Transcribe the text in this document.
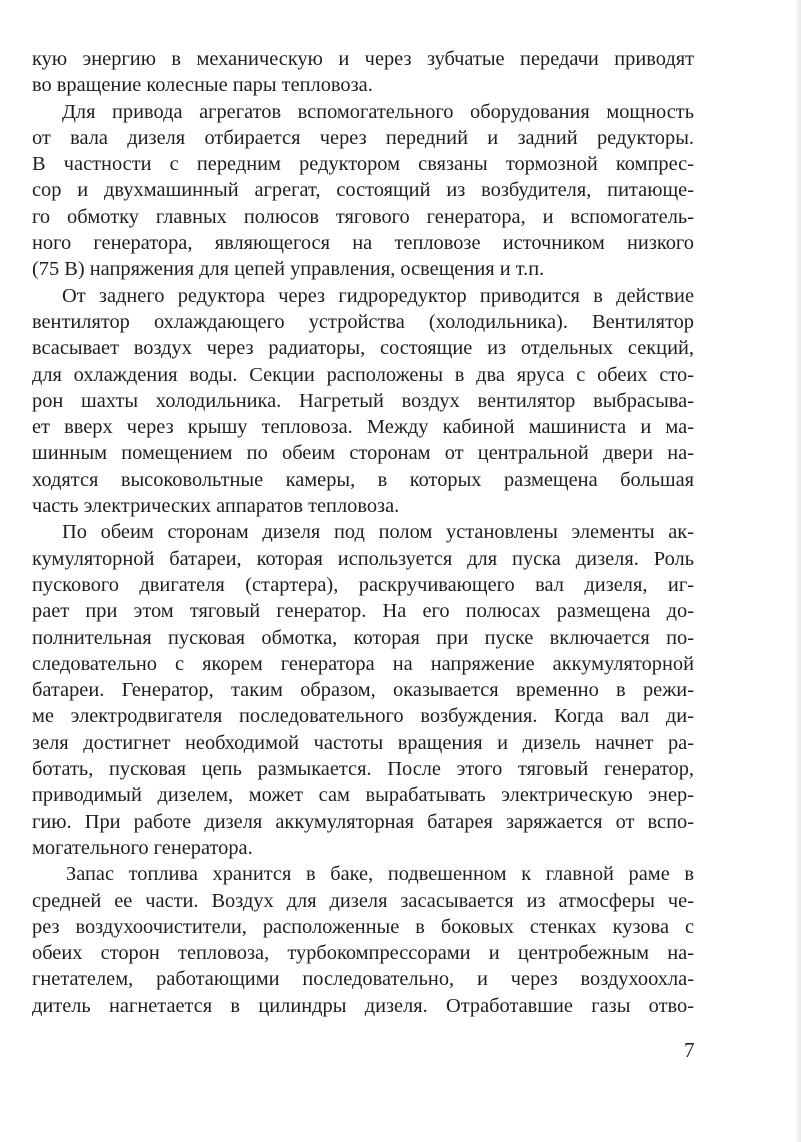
кую энергию в механическую и через зубчатые передачи приводят
во вращение колесные пары тепловоза.
Для привода агрегатов вспомогательного оборудования мощность
от вала дизеля отбирается через передний и задний редукторы.
В частности с передним редуктором связаны тормозной компрес-
сор и двухмашинный агрегат, состоящий из возбудителя, питающе-
го обмотку главных полюсов тягового генератора, и вспомогатель-
ного генератора, являющегося на тепловозе источником низкого
(75 В) напряжения для цепей управления, освещения и т.п.
От заднего редуктора через гидроредуктор приводится в действие
вентилятор охлаждающего устройства (холодильника). Вентилятор
всасывает воздух через радиаторы, состоящие из отдельных секций,
для охлаждения воды. Секции расположены в два яруса с обеих сто-
рон шахты холодильника. Нагретый воздух вентилятор выбрасыва-
ет вверх через крышу тепловоза. Между кабиной машиниста и ма-
шинным помещением по обеим сторонам от центральной двери на-
ходятся высоковольтные камеры, в которых размещена большая
часть электрических аппаратов тепловоза.
По обеим сторонам дизеля под полом установлены элементы ак-
кумуляторной батареи, которая используется для пуска дизеля. Роль
пускового двигателя (стартера), раскручивающего вал дизеля, иг-
рает при этом тяговый генератор. На его полюсах размещена до-
полнительная пусковая обмотка, которая при пуске включается по-
следовательно с якорем генератора на напряжение аккумуляторной
батареи. Генератор, таким образом, оказывается временно в режи-
ме электродвигателя последовательного возбуждения. Когда вал ди-
зеля достигнет необходимой частоты вращения и дизель начнет ра-
ботать, пусковая цепь размыкается. После этого тяговый генератор,
приводимый дизелем, может сам вырабатывать электрическую энер-
гию. При работе дизеля аккумуляторная батарея заряжается от вспо-
могательного генератора.
Запас топлива хранится в баке, подвешенном к главной раме в
средней ее части. Воздух для дизеля засасывается из атмосферы че-
рез воздухоочистители, расположенные в боковых стенках кузова с
обеих сторон тепловоза, турбокомпрессорами и центробежным на-
гнетателем, работающими последовательно, и через воздухоохла-
дитель нагнетается в цилиндры дизеля. Отработавшие газы отво-
7
